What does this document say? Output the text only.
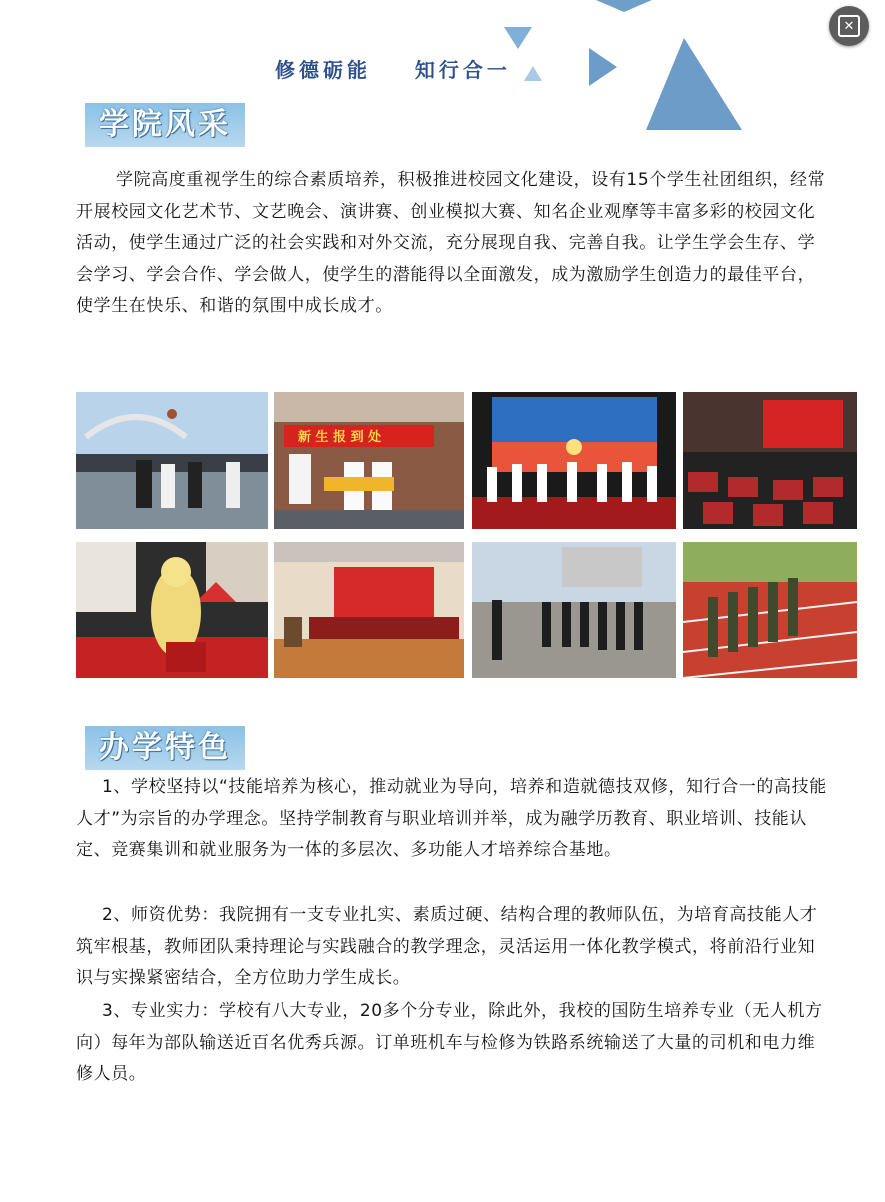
修德砺能    知行合一
✕
学院风采

学院高度重视学生的综合素质培养，积极推进校园文化建设，设有15个学生社团组织，经常开展校园文化艺术节、文艺晚会、演讲赛、创业模拟大赛、知名企业观摩等丰富多彩的校园文化活动，使学生通过广泛的社会实践和对外交流，充分展现自我、完善自我。让学生学会生存、学会学习、学会合作、学会做人，使学生的潜能得以全面激发，成为激励学生创造力的最佳平台，使学生在快乐、和谐的氛围中成长成才。

新 生 报 到 处
办学特色

1、学校坚持以“技能培养为核心，推动就业为导向，培养和造就德技双修，知行合一的高技能人才”为宗旨的办学理念。坚持学制教育与职业培训并举，成为融学历教育、职业培训、技能认定、竞赛集训和就业服务为一体的多层次、多功能人才培养综合基地。

2、师资优势：我院拥有一支专业扎实、素质过硬、结构合理的教师队伍，为培育高技能人才筑牢根基，教师团队秉持理论与实践融合的教学理念，灵活运用一体化教学模式，将前沿行业知识与实操紧密结合，全方位助力学生成长。

3、专业实力：学校有八大专业，20多个分专业，除此外，我校的国防生培养专业（无人机方向）每年为部队输送近百名优秀兵源。订单班机车与检修为铁路系统输送了大量的司机和电力维修人员。
